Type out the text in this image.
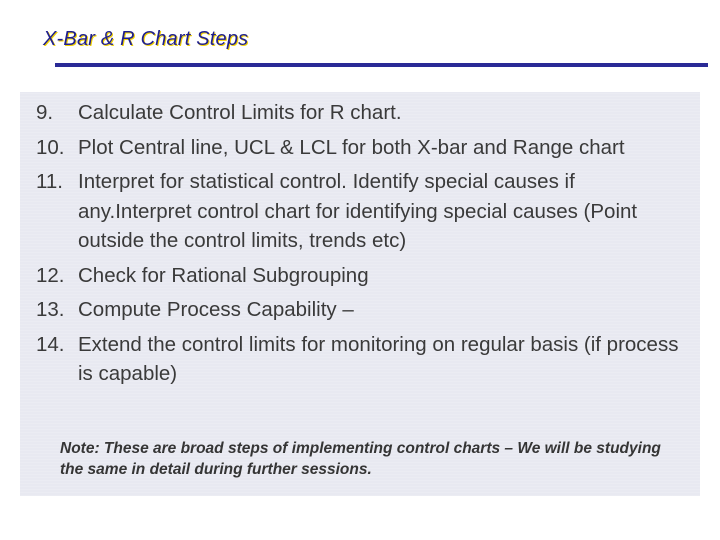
X-Bar & R Chart Steps
9.	Calculate Control Limits for R chart.
10. Plot Central line, UCL & LCL for both X-bar and Range chart
11. Interpret for statistical control. Identify special causes if any.Interpret control chart for identifying special causes (Point outside the control limits, trends etc)
12. Check for Rational Subgrouping
13. Compute Process Capability –
14. Extend the control limits for monitoring on regular basis (if process is capable)
Note: These are broad steps of implementing control charts – We will be studying the same in detail during further sessions.
